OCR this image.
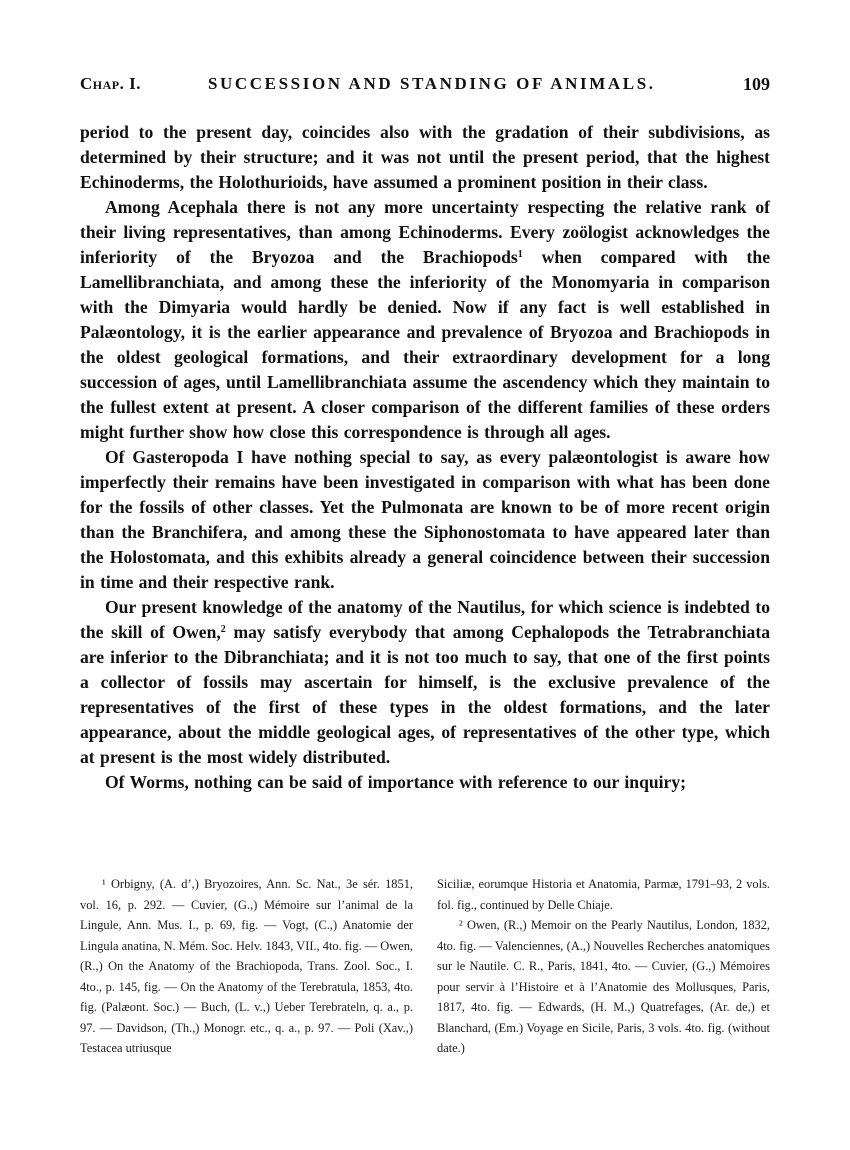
Chap. I.	SUCCESSION AND STANDING OF ANIMALS.	109

period to the present day, coincides also with the gradation of their subdivisions, as determined by their structure; and it was not until the present period, that the highest Echinoderms, the Holothurioids, have assumed a prominent position in their class.

Among Acephala there is not any more uncertainty respecting the relative rank of their living representatives, than among Echinoderms. Every zoölogist acknowledges the inferiority of the Bryozoa and the Brachiopods$^1$ when compared with the Lamellibranchiata, and among these the inferiority of the Monomyaria in comparison with the Dimyaria would hardly be denied. Now if any fact is well established in Palæontology, it is the earlier appearance and prevalence of Bryozoa and Brachiopods in the oldest geological formations, and their extraordinary development for a long succession of ages, until Lamellibranchiata assume the ascendency which they maintain to the fullest extent at present. A closer comparison of the different families of these orders might further show how close this correspondence is through all ages.

Of Gasteropoda I have nothing special to say, as every palæontologist is aware how imperfectly their remains have been investigated in comparison with what has been done for the fossils of other classes. Yet the Pulmonata are known to be of more recent origin than the Branchifera, and among these the Siphonostomata to have appeared later than the Holostomata, and this exhibits already a general coincidence between their succession in time and their respective rank.

Our present knowledge of the anatomy of the Nautilus, for which science is indebted to the skill of Owen,$^2$ may satisfy everybody that among Cephalopods the Tetrabranchiata are inferior to the Dibranchiata; and it is not too much to say, that one of the first points a collector of fossils may ascertain for himself, is the exclusive prevalence of the representatives of the first of these types in the oldest formations, and the later appearance, about the middle geological ages, of representatives of the other type, which at present is the most widely distributed.

Of Worms, nothing can be said of importance with reference to our inquiry;

¹ Orbigny, (A. d’,) Bryozoires, Ann. Sc. Nat., 3e sér. 1851, vol. 16, p. 292. — Cuvier, (G.,) Mémoire sur l’animal de la Lingule, Ann. Mus. I., p. 69, fig. — Vogt, (C.,) Anatomie der Lingula anatina, N. Mém. Soc. Helv. 1843, VII., 4to. fig. — Owen, (R.,) On the Anatomy of the Brachiopoda, Trans. Zool. Soc., I. 4to., p. 145, fig. — On the Anatomy of the Terebratula, 1853, 4to. fig. (Palæont. Soc.) — Buch, (L. v.,) Ueber Terebrateln, q. a., p. 97. — Davidson, (Th.,) Monogr. etc., q. a., p. 97. — Poli (Xav.,) Testacea utriusque

Siciliæ, eorumque Historia et Anatomia, Parmæ, 1791–93, 2 vols. fol. fig., continued by Delle Chiaje.

² Owen, (R.,) Memoir on the Pearly Nautilus, London, 1832, 4to. fig. — Valenciennes, (A.,) Nouvelles Recherches anatomiques sur le Nautile. C. R., Paris, 1841, 4to. — Cuvier, (G.,) Mémoires pour servir à l’Histoire et à l’Anatomie des Mollusques, Paris, 1817, 4to. fig. — Edwards, (H. M.,) Quatrefages, (Ar. de,) et Blanchard, (Em.) Voyage en Sicile, Paris, 3 vols. 4to. fig. (without date.)
